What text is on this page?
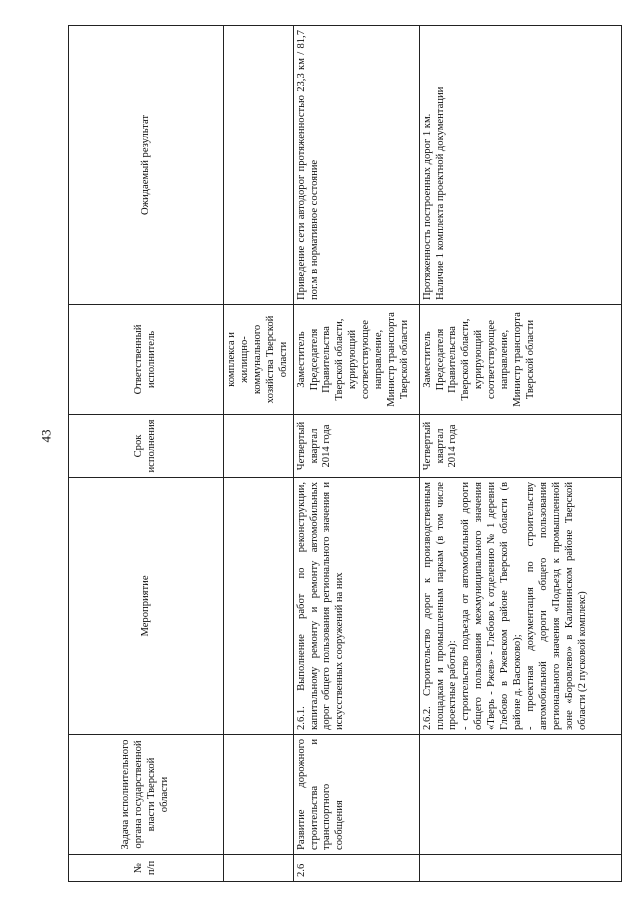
43
№ п/п	Задача исполнительного органа государственной власти Тверской области	Мероприятие	Срок исполнения	Ответственный исполнитель	Ожидаемый результат
				комплекса и жилищно-коммунального хозяйства Тверской области	
2.6	Развитие дорожного строительства и транспортного сообщения	2.6.1. Выполнение работ по реконструкции, капитальному ремонту и ремонту автомобильных дорог общего пользования регионального значения и искусственных сооружений на них	Четвертый квартал 2014 года	Заместитель Председателя Правительства Тверской области, курирующий соответствующее направление, Министр транспорта Тверской области	Приведение сети автодорог протяженностью 23,3 км / 81,7 пог.м в нормативное состояние

		2.6.2. Строительство дорог к производственным площадкам и промышленным паркам (в том числе проектные работы): - строительство подъезда от автомобильной дороги общего пользования межмуниципального значения «Тверь - Ржев» - Глебово к отделению № 1 деревни Глебово в Ржевском районе Тверской области (в районе д. Васюково); - проектная документация по строительству автомобильной дороги общего пользования регионального значения «Подъезд к промышленной зоне «Боровлево» в Калининском районе Тверской области (2 пусковой комплекс)	Четвертый квартал 2014 года	Заместитель Председателя Правительства Тверской области, курирующий соответствующее направление, Министр транспорта Тверской области	Протяженность построенных дорог 1 км. Наличие 1 комплекта проектной документации
